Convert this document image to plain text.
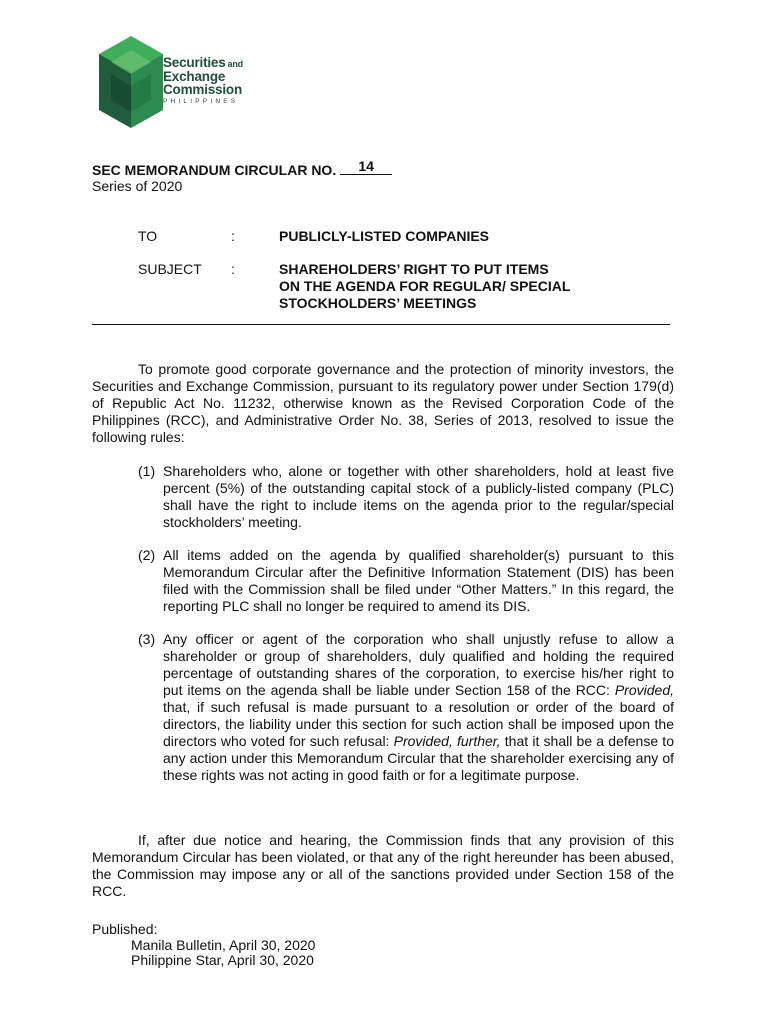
Securities and
Exchange
Commission
PHILIPPINES
SEC MEMORANDUM CIRCULAR NO. 14
Series of 2020
TO	:	PUBLICLY-LISTED COMPANIES
SUBJECT	:	SHAREHOLDERS’ RIGHT TO PUT ITEMS
ON THE AGENDA FOR REGULAR/ SPECIAL
STOCKHOLDERS’ MEETINGS
To promote good corporate governance and the protection of minority investors, the Securities and Exchange Commission, pursuant to its regulatory power under Section 179(d) of Republic Act No. 11232, otherwise known as the Revised Corporation Code of the Philippines (RCC), and Administrative Order No. 38, Series of 2013, resolved to issue the following rules:
(1) Shareholders who, alone or together with other shareholders, hold at least five percent (5%) of the outstanding capital stock of a publicly-listed company (PLC) shall have the right to include items on the agenda prior to the regular/special stockholders’ meeting.
(2) All items added on the agenda by qualified shareholder(s) pursuant to this Memorandum Circular after the Definitive Information Statement (DIS) has been filed with the Commission shall be filed under “Other Matters.” In this regard, the reporting PLC shall no longer be required to amend its DIS.
(3) Any officer or agent of the corporation who shall unjustly refuse to allow a shareholder or group of shareholders, duly qualified and holding the required percentage of outstanding shares of the corporation, to exercise his/her right to put items on the agenda shall be liable under Section 158 of the RCC: Provided, that, if such refusal is made pursuant to a resolution or order of the board of directors, the liability under this section for such action shall be imposed upon the directors who voted for such refusal: Provided, further, that it shall be a defense to any action under this Memorandum Circular that the shareholder exercising any of these rights was not acting in good faith or for a legitimate purpose.
If, after due notice and hearing, the Commission finds that any provision of this Memorandum Circular has been violated, or that any of the right hereunder has been abused, the Commission may impose any or all of the sanctions provided under Section 158 of the RCC.
Published:
Manila Bulletin, April 30, 2020
Philippine Star, April 30, 2020
